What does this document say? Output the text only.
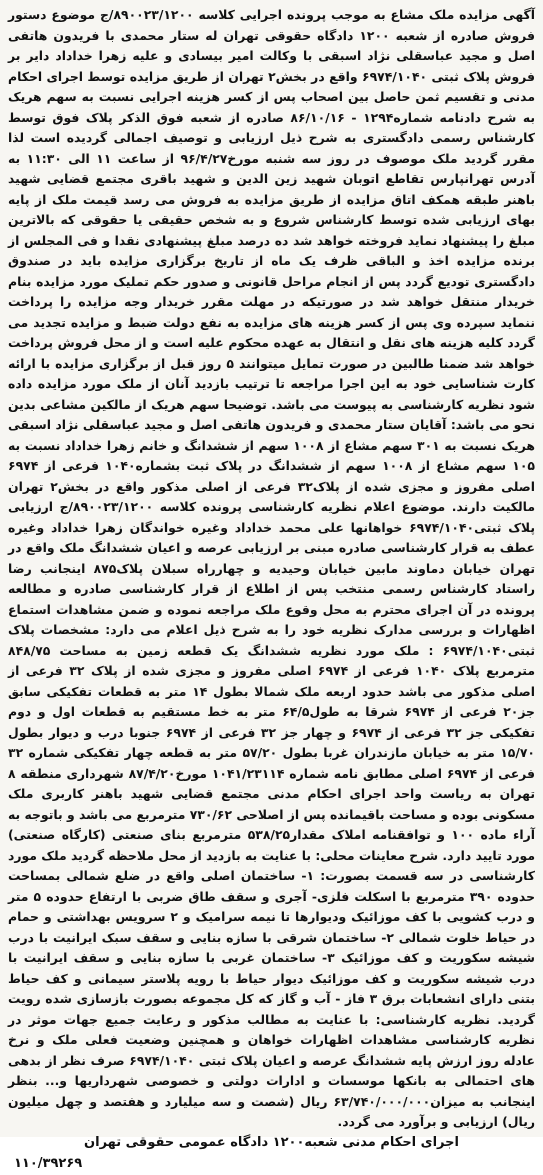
آگهی مزایده ملک مشاع به موجب پرونده اجرایی کلاسه ۸۹۰۰۲۳/۱۲۰۰/ج موضوع دستور فروش صادره از شعبه ۱۲۰۰ دادگاه حقوقی تهران له ستار محمدی با فریدون هاتفی اصل و مجید عباسقلی نژاد اسبقی با وکالت امیر بیسادی و علیه زهرا خداداد دایر بر فروش پلاک ثبتی ۶۹۷۴/۱۰۴۰ واقع در بخش۲ تهران از طریق مزایده توسط اجرای احکام مدنی و تقسیم ثمن حاصل بین اصحاب پس از کسر هزینه اجرایی نسبت به سهم هریک به شرح دادنامه شماره۱۲۹۴ - ۸۶/۱۰/۱۶ صادره از شعبه فوق الذکر پلاک فوق توسط کارشناس رسمی دادگستری به شرح ذیل ارزیابی و توصیف اجمالی گردیده است لذا مقرر گردید ملک موصوف در روز سه شنبه مورخ۹۶/۴/۲۷ از ساعت ۱۱ الی ۱۱:۳۰ به آدرس تهرانپارس تقاطع اتوبان شهید زین الدین و شهید باقری مجتمع قضایی شهید باهنر طبقه همکف اتاق مزایده از طریق مزایده به فروش می رسد قیمت ملک از پایه بهای ارزیابی شده توسط کارشناس شروع و به شخص حقیقی یا حقوقی که بالاترین مبلغ را پیشنهاد نماید فروخته خواهد شد ده درصد مبلغ پیشنهادی نقدا و فی المجلس از برنده مزایده اخذ و الباقی ظرف یک ماه از تاریخ برگزاری مزایده باید در صندوق دادگستری تودیع گردد پس از انجام مراحل قانونی و صدور حکم تملیک مورد مزایده بنام خریدار منتقل خواهد شد در صورتیکه در مهلت مقرر خریدار وجه مزایده را پرداخت ننماید سپرده وی پس از کسر هزینه های مزایده به نفع دولت ضبط و مزایده تجدید می گردد کلیه هزینه های نقل و انتقال به عهده محکوم علیه است و از محل فروش پرداخت خواهد شد ضمنا طالبین در صورت تمایل میتوانند ۵ روز قبل از برگزاری مزایده با ارائه کارت شناسایی خود به این اجرا مراجعه تا ترتیب بازدید آنان از ملک مورد مزایده داده شود نظریه کارشناسی به پیوست می باشد. توضیحا سهم هریک از مالکین مشاعی بدین نحو می باشد: آقایان ستار محمدی و فریدون هاتفی اصل و مجید عباسقلی نژاد اسبقی هریک نسبت به ۳۰۱ سهم مشاع از ۱۰۰۸ سهم از ششدانگ و خانم زهرا خداداد نسبت به ۱۰۵ سهم مشاع از ۱۰۰۸ سهم از ششدانگ در پلاک ثبت بشماره۱۰۴۰ فرعی از ۶۹۷۴ اصلی مفروز و مجزی شده از پلاک۳۲ فرعی از اصلی مذکور واقع در بخش۲ تهران مالکیت دارند. موضوع اعلام نظریه کارشناسی پرونده کلاسه ۸۹۰۰۲۳/۱۲۰۰/ج ارزیابی پلاک ثبتی۶۹۷۴/۱۰۴۰ خواهانها علی محمد خداداد وغیره خواندگان زهرا خداداد وغیره عطف به قرار کارشناسی صادره مبنی بر ارزیابی عرصه و اعیان ششدانگ ملک واقع در تهران خیابان دماوند مابین خیابان وحیدیه و چهارراه سبلان پلاک۸۷۵ اینجانب رضا راستاد کارشناس رسمی منتخب پس از اطلاع از قرار کارشناسی صادره و مطالعه پرونده در آن اجرای محترم به محل وقوع ملک مراجعه نموده و ضمن مشاهدات استماع اظهارات و بررسی مدارک نظریه خود را به شرح ذیل اعلام می دارد: مشخصات پلاک ثبتی۶۹۷۴/۱۰۴۰ : ملک مورد نظریه ششدانگ یک قطعه زمین به مساحت ۸۴۸/۷۵ مترمربع پلاک ۱۰۴۰ فرعی از ۶۹۷۴ اصلی مفروز و مجزی شده از پلاک ۳۲ فرعی از اصلی مذکور می باشد حدود اربعه ملک شمالا بطول ۱۴ متر به قطعات تفکیکی سابق جز۲۰ فرعی از ۶۹۷۴ شرقا به طول۶۴/۵ متر به خط مستقیم به قطعات اول و دوم تفکیکی جز ۳۲ فرعی از ۶۹۷۴ و چهار جز ۳۲ فرعی از ۶۹۷۴ جنوبا درب و دیوار بطول ۱۵/۷۰ متر به خیابان مازندران غربا بطول ۵۷/۲۰ متر به قطعه چهار تفکیکی شماره ۳۲ فرعی از ۶۹۷۴ اصلی مطابق نامه شماره ۱۰۴۱/۲۳۱۱۴ مورخ۸۷/۴/۲۰ شهرداری منطقه ۸ تهران به ریاست واحد اجرای احکام مدنی مجتمع قضایی شهید باهنر کاربری ملک مسکونی بوده و مساحت باقیمانده پس از اصلاحی ۷۳۰/۶۲ مترمربع می باشد و باتوجه به آراء ماده ۱۰۰ و توافقنامه املاک مقدار۵۳۸/۲۵ مترمربع بنای صنعتی (کارگاه صنعتی) مورد تایید دارد. شرح معاینات محلی: با عنایت به بازدید از محل ملاحظه گردید ملک مورد کارشناسی در سه قسمت بصورت: ۱- ساختمان اصلی واقع در ضلع شمالی بمساحت حدوده ۳۹۰ مترمربع با اسکلت فلزی- آجری و سقف طاق ضربی با ارتفاع حدوده ۵ متر و درب کشویی با کف موزائیک ودیوارها تا نیمه سرامیک و ۲ سرویس بهداشتی و حمام در حیاط خلوت شمالی ۲- ساختمان شرقی با سازه بنایی و سقف سبک ایرانیت با درب شیشه سکوریت و کف موزائیک ۳- ساختمان غربی با سازه بنایی و سقف ایرانیت با درب شیشه سکوریت و کف موزائیک دیوار حیاط با رویه پلاستر سیمانی و کف حیاط بتنی دارای انشعابات برق ۳ فاز - آب و گاز که کل مجموعه بصورت بازسازی شده رویت گردید. نظریه کارشناسی: با عنایت به مطالب مذکور و رعایت جمیع جهات موثر در نظریه کارشناسی مشاهدات اظهارات خواهان و همچنین وضعیت فعلی ملک و نرخ عادله روز ارزش پایه ششدانگ عرصه و اعیان پلاک ثبتی ۶۹۷۴/۱۰۴۰ صرف نظر از بدهی های احتمالی به بانکها موسسات و ادارات دولتی و خصوصی شهرداریها و... بنظر اینجانب به میزان۶۳/۷۴۰/۰۰۰/۰۰۰ ریال (شصت و سه میلیارد و هفتصد و چهل میلیون ریال) ارزیابی و برآورد می گردد.

اجرای احکام مدنی شعبه۱۲۰۰ دادگاه عمومی حقوقی تهران

۱۱۰/۳۹۲۶۹
